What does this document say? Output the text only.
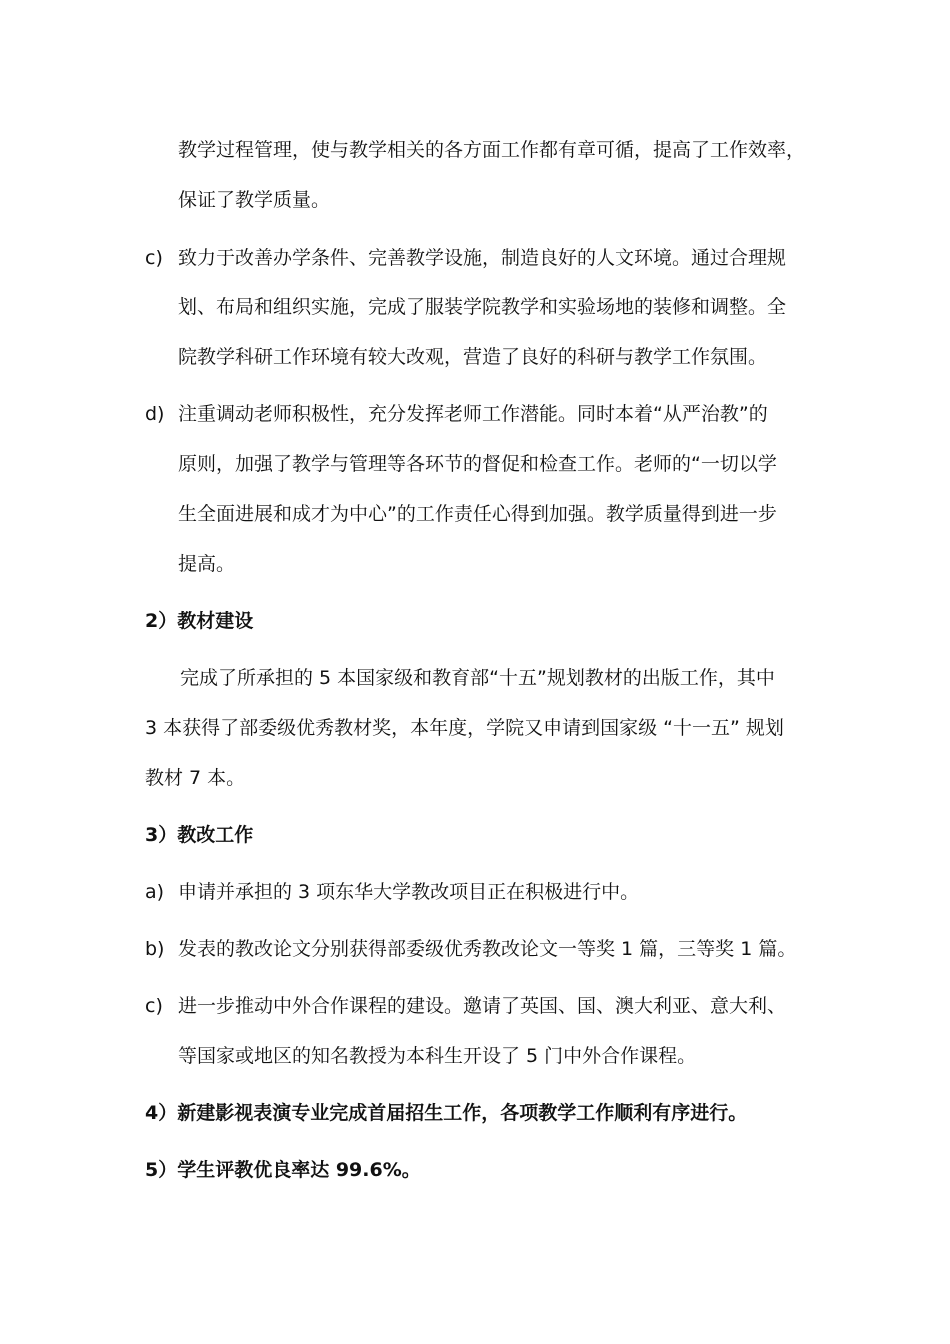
教学过程管理，使与教学相关的各方面工作都有章可循，提高了工作效率，
保证了教学质量。
c) 致力于改善办学条件、完善教学设施，制造良好的人文环境。通过合理规
划、布局和组织实施，完成了服装学院教学和实验场地的装修和调整。全
院教学科研工作环境有较大改观，营造了良好的科研与教学工作氛围。
d) 注重调动老师积极性，充分发挥老师工作潜能。同时本着“从严治教”的
原则，加强了教学与管理等各环节的督促和检查工作。老师的“一切以学
生全面进展和成才为中心”的工作责任心得到加强。教学质量得到进一步
提高。
2）教材建设
完成了所承担的 5 本国家级和教育部“十五”规划教材的出版工作，其中
3 本获得了部委级优秀教材奖，本年度，学院又申请到国家级 “十一五” 规划
教材 7 本。
3）教改工作
a) 申请并承担的 3 项东华大学教改项目正在积极进行中。
b) 发表的教改论文分别获得部委级优秀教改论文一等奖 1 篇，三等奖 1 篇。
c) 进一步推动中外合作课程的建设。邀请了英国、国、澳大利亚、意大利、
等国家或地区的知名教授为本科生开设了 5 门中外合作课程。
4）新建影视表演专业完成首届招生工作，各项教学工作顺利有序进行。
5）学生评教优良率达 99.6%。
